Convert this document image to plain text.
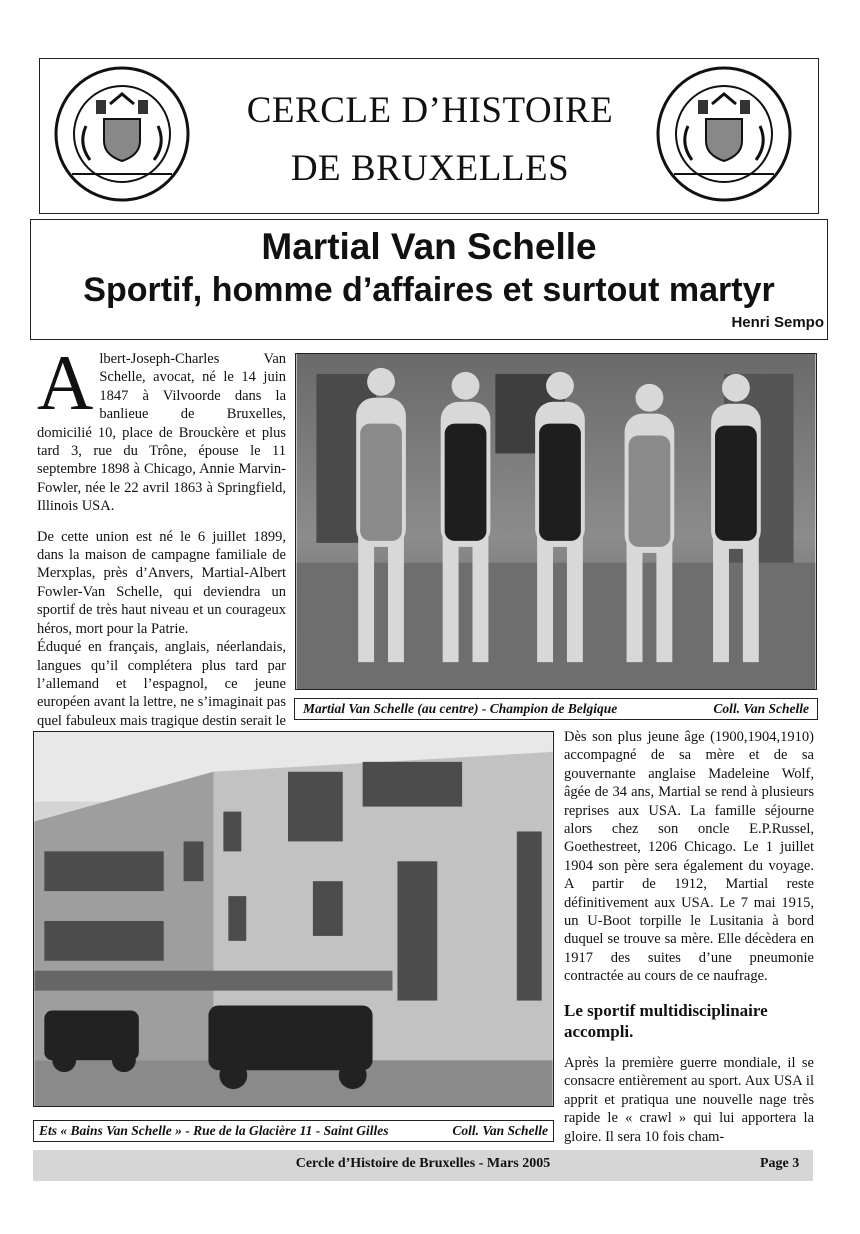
CERCLE D’HISTOIRE
DE BRUXELLES
Martial Van Schelle
Sportif, homme d’affaires et surtout martyr
Henri Sempo

Albert-Joseph-Charles Van Schelle, avocat, né le 14 juin 1847 à Vilvoorde dans la banlieue de Bruxelles, domicilié 10, place de Brouckère et plus tard 3, rue du Trône, épouse le 11 septembre 1898 à Chicago, Annie Marvin-Fowler, née le 22 avril 1863 à Springfield, Illinois USA.

De cette union est né le 6 juillet 1899, dans la maison de campagne familiale de Merxplas, près d’Anvers, Martial-Albert Fowler-Van Schelle, qui deviendra un sportif de très haut niveau et un courageux héros, mort pour la Patrie.

Éduqué en français, anglais, néerlandais, langues qu’il complétera plus tard par l’allemand et l’espagnol, ce jeune européen avant la lettre, ne s’imaginait pas quel fabuleux mais tragique destin serait le

Martial Van Schelle (au centre) - Champion de Belgique	Coll. Van Schelle
Ets « Bains Van Schelle » - Rue de la Glacière 11 - Saint Gilles	Coll. Van Schelle

Dès son plus jeune âge (1900,1904,1910) accompagné de sa mère et de sa gouvernante anglaise Madeleine Wolf, âgée de 34 ans, Martial se rend à plusieurs reprises aux USA. La famille séjourne alors chez son oncle E.P.Russel, Goethestreet, 1206 Chicago. Le 1 juillet 1904 son père sera également du voyage. A partir de 1912, Martial reste définitivement aux USA. Le 7 mai 1915, un U-Boot torpille le Lusitania à bord duquel se trouve sa mère. Elle décèdera en 1917 des suites d’une pneumonie contractée au cours de ce naufrage.

Le sportif multidisciplinaire accompli.

Après la première guerre mondiale, il se consacre entièrement au sport. Aux USA il apprit et pratiqua une nouvelle nage très rapide le « crawl » qui lui apportera la gloire. Il sera 10 fois cham-

Cercle d’Histoire de Bruxelles - Mars 2005	Page 3
